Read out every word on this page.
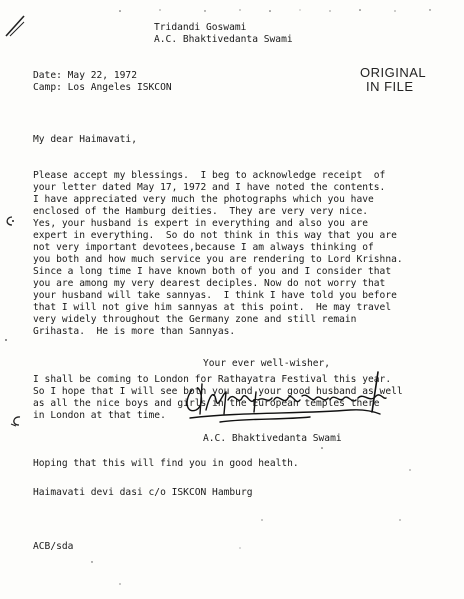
Tridandi Goswami
A.C. Bhaktivedanta Swami
Date: May 22, 1972
Camp: Los Angeles ISKCON
ORIGINAL
IN FILE

My dear Haimavati,

Please accept my blessings.  I beg to acknowledge receipt  of
your letter dated May 17, 1972 and I have noted the contents.
I have appreciated very much the photographs which you have
enclosed of the Hamburg deities.  They are very very nice.
Yes, your husband is expert in everything and also you are
expert in everything.  So do not think in this way that you are
not very important devotees,because I am always thinking of
you both and how much service you are rendering to Lord Krishna.
Since a long time I have known both of you and I consider that
you are among my very dearest deciples. Now do not worry that
your husband will take sannyas.  I think I have told you before
that I will not give him sannyas at this point.  He may travel
very widely throughout the Germany zone and still remain
Grihasta.  He is more than Sannyas.

I shall be coming to London for Rathayatra Festival this year.
So I hope that I will see both you and your good husband as well
as all the nice boys and girls in the European temples there
in London at that time.

Hoping that this will find you in good health.

Your ever well-wisher,
A.C. Bhaktivedanta Swami
Haimavati devi dasi c/o ISKCON Hamburg
ACB/sda
